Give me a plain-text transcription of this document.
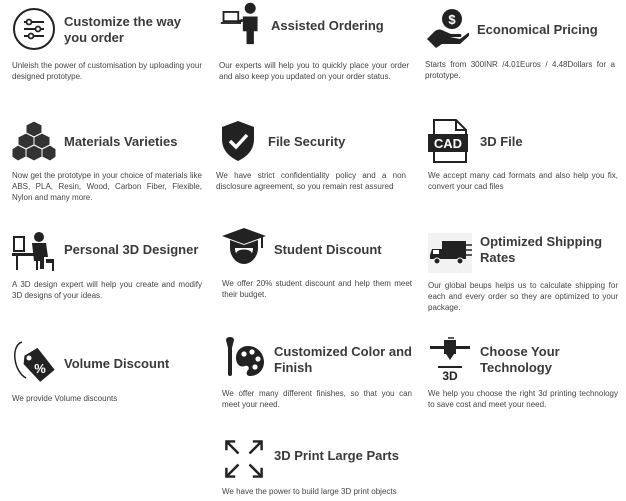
Customize the way you order
Unleish the power of customisation by uploading your designed prototype.
Assisted Ordering
Our experts will help you to quickly place your order and also keep you updated on your order status.
$
Economical Pricing
Starts from 300INR /4.01Euros / 4.48Dollars for a prototype.
Materials Varieties
Now get the prototype in your choice of materials like ABS, PLA, Resin, Wood, Carbon Fiber, Flexible, Nylon and many more.
File Security
We have strict confidentiality policy and a non disclosure agreement, so you remain rest assured
CAD 3D File
We accept many cad formats and also help you fix, convert your cad files
Personal 3D Designer
A 3D design expert will help you create and modify 3D designs of your ideas.
Student Discount
We offer 20% student discount and help them meet their budget.
Optimized Shipping Rates
Our global beups helps us to calculate shipping for each and every order so they are optimized to your package.
% Volume Discount
We provide Volume discounts
Customized Color and Finish
We offer many different finishes, so that you can meet your need.
3D
Choose Your Technology
We help you choose the right 3d printing technology to save cost and meet your need.
3D Print Large Parts
We have the power to build large 3D print objects
